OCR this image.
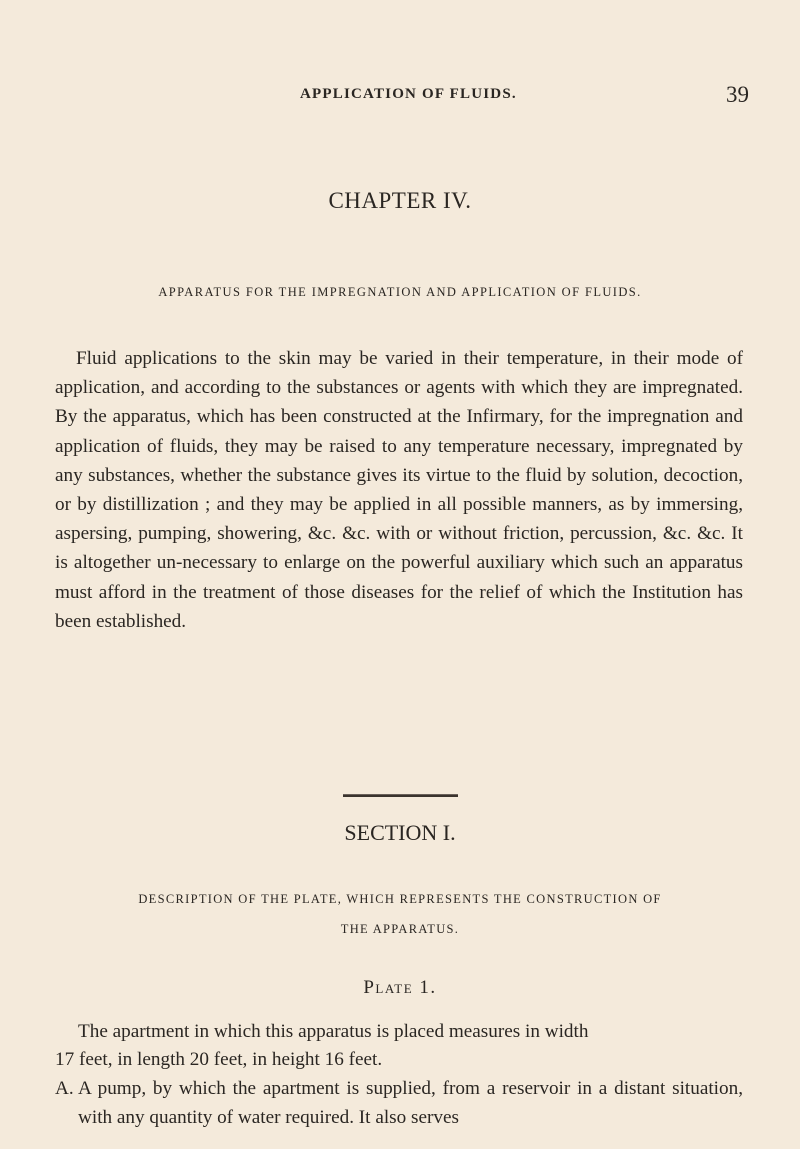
APPLICATION OF FLUIDS.	39
CHAPTER IV.
APPARATUS FOR THE IMPREGNATION AND APPLICATION OF FLUIDS.

Fluid applications to the skin may be varied in their temperature, in their mode of application, and according to the substances or agents with which they are impregnated. By the apparatus, which has been constructed at the Infirmary, for the impregnation and application of fluids, they may be raised to any temperature necessary, impregnated by any substances, whether the substance gives its virtue to the fluid by solution, decoction, or by distillization ; and they may be applied in all possible manners, as by immersing, aspersing, pumping, showering, &c. &c. with or without friction, percussion, &c. &c. It is altogether un-necessary to enlarge on the powerful auxiliary which such an apparatus must afford in the treatment of those diseases for the relief of which the Institution has been established.

SECTION I.
DESCRIPTION OF THE PLATE, WHICH REPRESENTS THE CONSTRUCTION OF
THE APPARATUS.
Plate 1.
The apartment in which this apparatus is placed measures in width
17 feet, in length 20 feet, in height 16 feet.
A. A pump, by which the apartment is supplied, from a reservoir in a distant situation, with any quantity of water required. It also serves
